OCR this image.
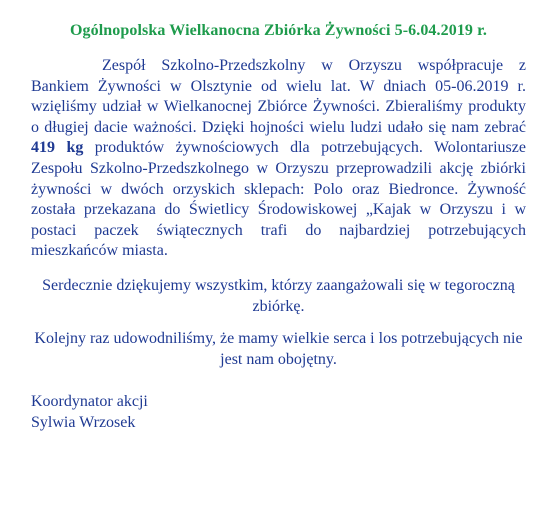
Ogólnopolska Wielkanocna Zbiórka Żywności 5-6.04.2019 r.

Zespół Szkolno-Przedszkolny w Orzyszu współpracuje z Bankiem Żywności w Olsztynie od wielu lat. W dniach 05-06.2019 r. wzięliśmy udział w Wielkanocnej Zbiórce Żywności. Zbieraliśmy produkty o długiej dacie ważności. Dzięki hojności wielu ludzi udało się nam zebrać 419 kg produktów żywnościowych dla potrzebujących. Wolontariusze Zespołu Szkolno-Przedszkolnego w Orzyszu przeprowadzili akcję zbiórki żywności w dwóch orzyskich sklepach: Polo oraz Biedronce. Żywność została przekazana do Świetlicy Środowiskowej „Kajak w Orzyszu i w postaci paczek świątecznych trafi do najbardziej potrzebujących mieszkańców miasta.

Serdecznie dziękujemy wszystkim, którzy zaangażowali się w tegoroczną zbiórkę.

Kolejny raz udowodniliśmy, że mamy wielkie serca i los potrzebujących nie jest nam obojętny.

Koordynator akcji
Sylwia Wrzosek
